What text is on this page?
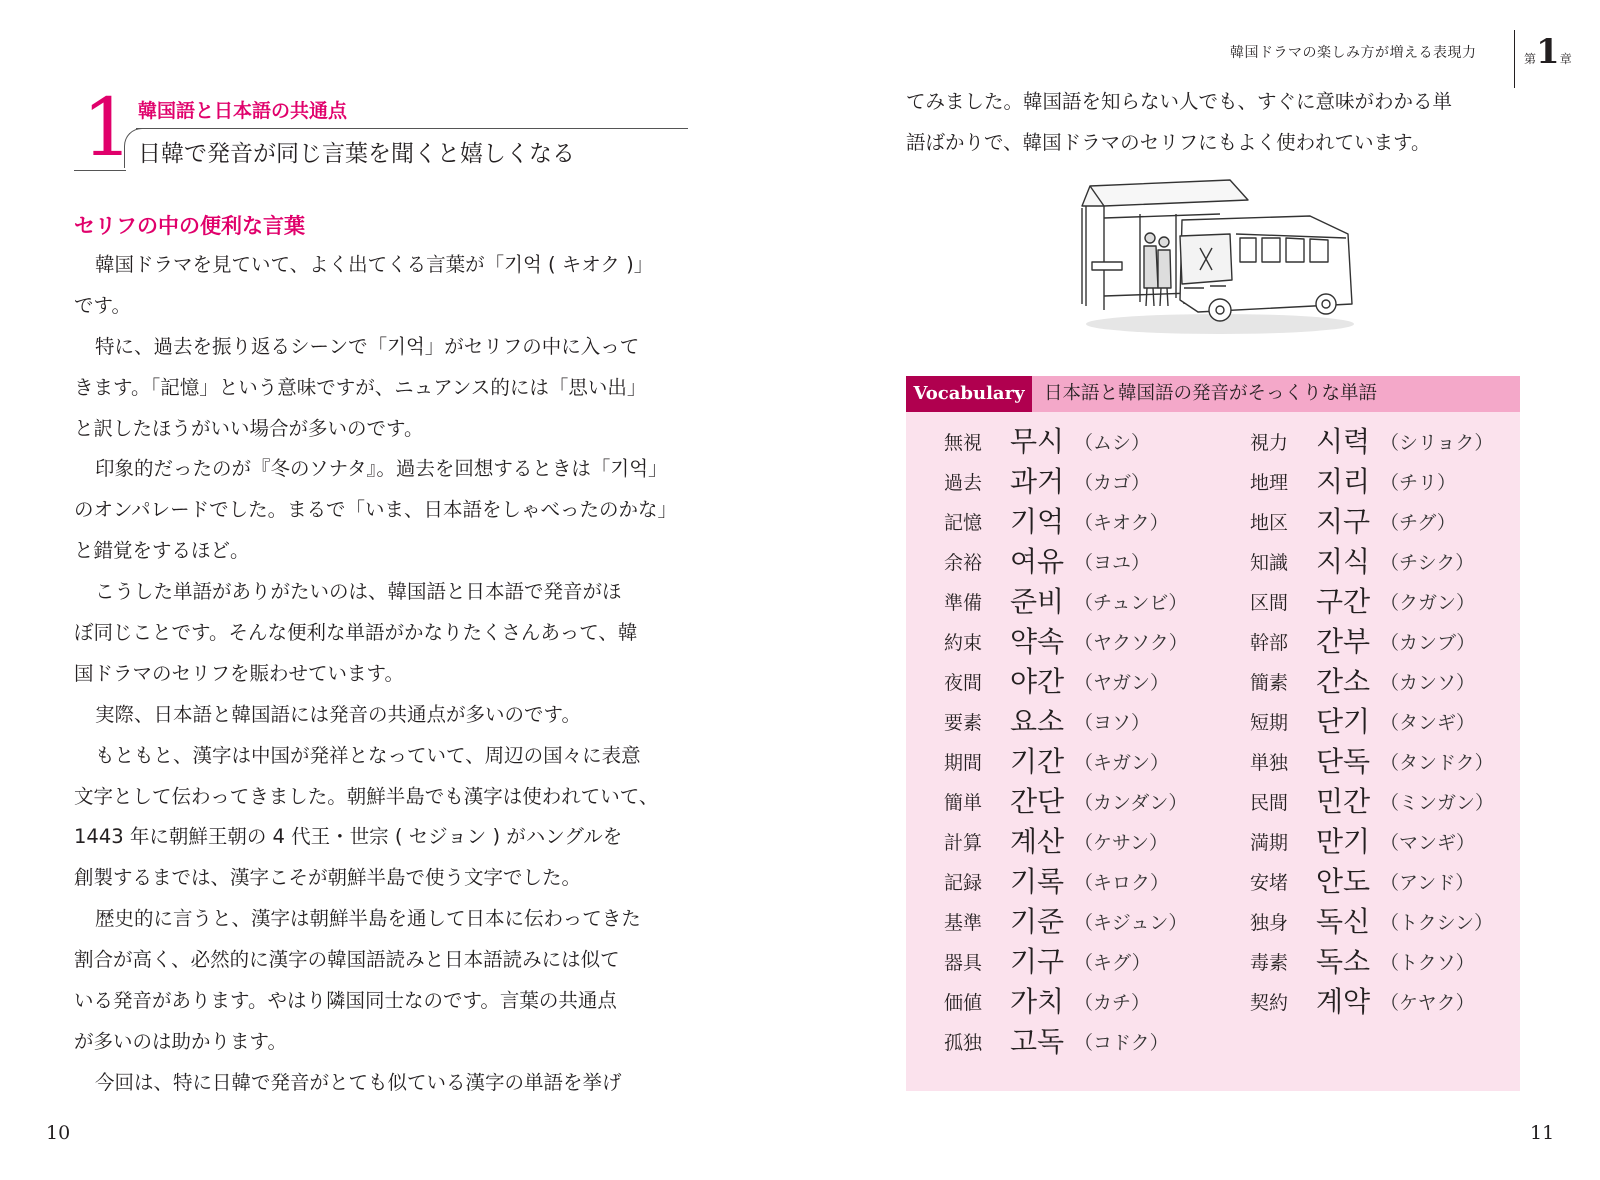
韓国ドラマの楽しみ方が増える表現力	第1章
1 韓国語と日本語の共通点
日韓で発音が同じ言葉を聞くと嬉しくなる
セリフの中の便利な言葉
韓国ドラマを見ていて、よく出てくる言葉が「기억 ( キオク )」
です。
特に、過去を振り返るシーンで「기억」がセリフの中に入って
きます。「記憶」という意味ですが、ニュアンス的には「思い出」
と訳したほうがいい場合が多いのです。
印象的だったのが『冬のソナタ』。過去を回想するときは「기억」
のオンパレードでした。まるで「いま、日本語をしゃべったのかな」
と錯覚をするほど。
こうした単語がありがたいのは、韓国語と日本語で発音がほ
ぼ同じことです。そんな便利な単語がかなりたくさんあって、韓
国ドラマのセリフを賑わせています。
実際、日本語と韓国語には発音の共通点が多いのです。
もともと、漢字は中国が発祥となっていて、周辺の国々に表意
文字として伝わってきました。朝鮮半島でも漢字は使われていて、
1443 年に朝鮮王朝の 4 代王・世宗 ( セジョン ) がハングルを
創製するまでは、漢字こそが朝鮮半島で使う文字でした。
歴史的に言うと、漢字は朝鮮半島を通して日本に伝わってきた
割合が高く、必然的に漢字の韓国語読みと日本語読みには似て
いる発音があります。やはり隣国同士なのです。言葉の共通点
が多いのは助かります。
今回は、特に日韓で発音がとても似ている漢字の単語を挙げ
10
てみました。韓国語を知らない人でも、すぐに意味がわかる単
語ばかりで、韓国ドラマのセリフにもよく使われています。
Vocabulary	日本語と韓国語の発音がそっくりな単語
無視 무시 （ムシ）
過去 과거 （カゴ）
記憶 기억 （キオク）
余裕 여유 （ヨユ）
準備 준비 （チュンビ）
約束 약속 （ヤクソク）
夜間 야간 （ヤガン）
要素 요소 （ヨソ）
期間 기간 （キガン）
簡単 간단 （カンダン）
計算 계산 （ケサン）
記録 기록 （キロク）
基準 기준 （キジュン）
器具 기구 （キグ）
価値 가치 （カチ）
孤独 고독 （コドク）
視力 시력 （シリョク）
地理 지리 （チリ）
地区 지구 （チグ）
知識 지식 （チシク）
区間 구간 （クガン）
幹部 간부 （カンブ）
簡素 간소 （カンソ）
短期 단기 （タンギ）
単独 단독 （タンドク）
民間 민간 （ミンガン）
満期 만기 （マンギ）
安堵 안도 （アンド）
独身 독신 （トクシン）
毒素 독소 （トクソ）
契約 계약 （ケヤク）
11
